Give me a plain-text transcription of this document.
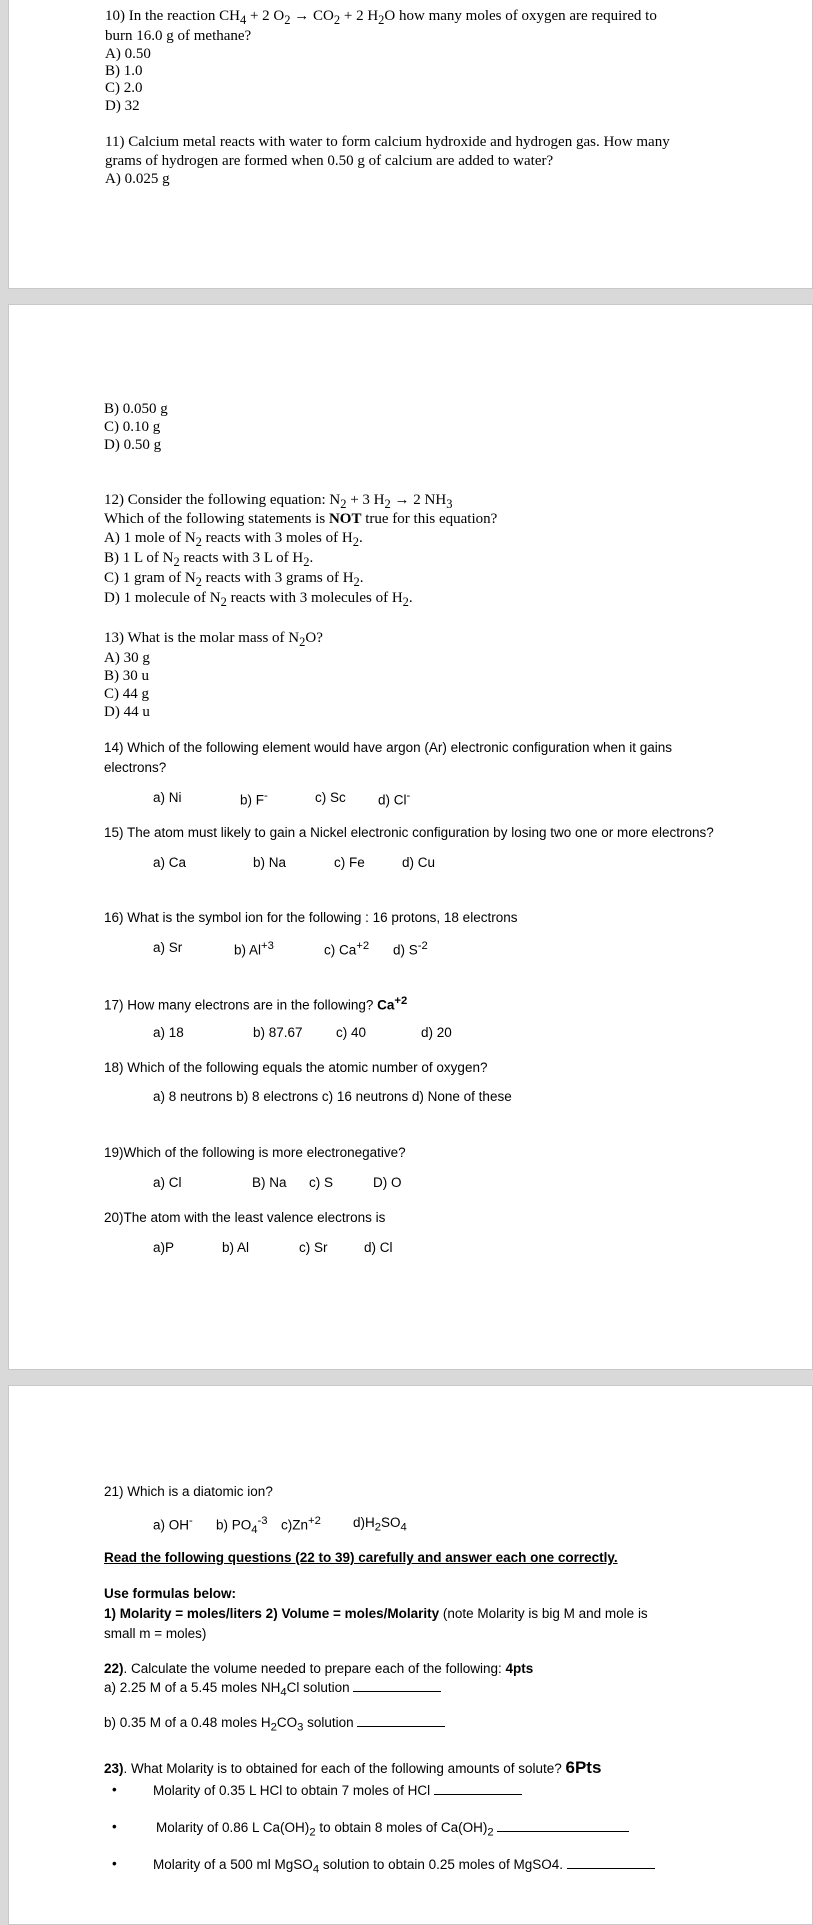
10) In the reaction $CH_4 + 2$ $O_2 \to CO_2 + 2$ $H_2O$ how many moles of oxygen are required to
burn 16.0 g of methane?
A) 0.50
B) 1.0
C) 2.0
D) 32
11) Calcium metal reacts with water to form calcium hydroxide and hydrogen gas. How many
grams of hydrogen are formed when 0.50 g of calcium are added to water?
A) 0.025 g
B) 0.050 g
C) 0.10 g
D) 0.50 g
12) Consider the following equation: $N_2 + 3$ $H_2 \to 2$ $NH_3$
Which of the following statements is NOT true for this equation?
A) 1 mole of $N_2$ reacts with 3 moles of $H_2$.
B) 1 L of $N_2$ reacts with 3 L of $H_2$.
C) 1 gram of $N_2$ reacts with 3 grams of $H_2$.
D) 1 molecule of $N_2$ reacts with 3 molecules of $H_2$.
13) What is the molar mass of $N_2O$?
A) 30 g
B) 30 u
C) 44 g
D) 44 u
14) Which of the following element would have argon (Ar) electronic configuration when it gains
electrons?
a) Ni	b) F-	c) Sc d) Cl-
15) The atom must likely to gain a Nickel electronic configuration by losing two one or more electrons?
a) Ca	b) Na	c) Fe	d) Cu
16) What is the symbol ion for the following : 16 protons, 18 electrons
a) Sr	b) $Al^{+3}$	c) $Ca^{+2}$ d) $S^{-2}$
17) How many electrons are in the following? $Ca^{+2}$
a) 18	b) 87.67 c) 40	d) 20
18) Which of the following equals the atomic number of oxygen?
a) 8 neutrons b) 8 electrons c) 16 neutrons d) None of these
19)Which of the following is more electronegative?
a) Cl	B) Na c) S	D) O
20)The atom with the least valence electrons is
a)P	b) Al	c) Sr	d) Cl
21) Which is a diatomic ion?
a) OH- b) $PO_4^{-3}$ $c)Zn^{+2}$ $d)H_2SO_4$
Read the following questions (22 to 39) carefully and answer each one correctly.
Use formulas below:
1) Molarity = moles/liters 2) Volume = moles/Molarity (note Molarity is big M and mole is
small m = moles)
22). Calculate the volume needed to prepare each of the following: 4pts
a) 2.25 M of a 5.45 moles $NH_4Cl$ solution
b) 0.35 M of a 0.48 moles $H_2CO_3$ solution
23). What Molarity is to obtained for each of the following amounts of solute? 6Pts
•	Molarity of 0.35 L HCl to obtain 7 moles of HCl
•	Molarity of 0.86 L $Ca(OH)_2$ to obtain 8 moles of $Ca(OH)_2$
•	Molarity of a 500 ml MgSO$_4$ solution to obtain 0.25 moles of MgSO4.
